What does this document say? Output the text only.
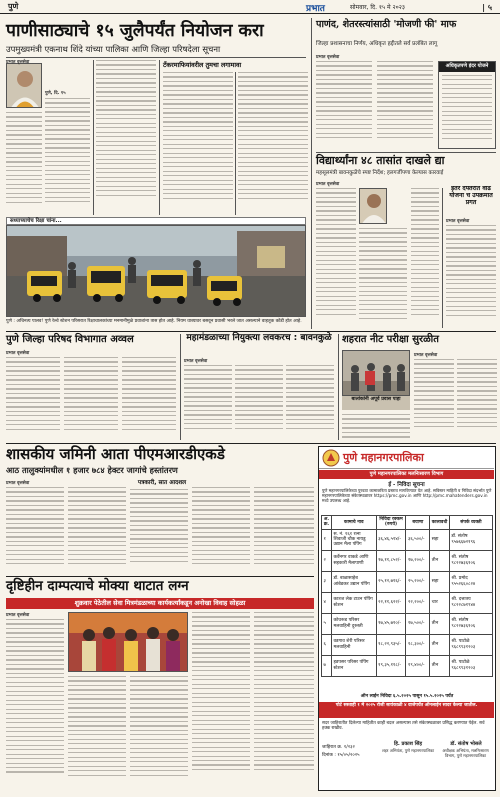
पुणे	प्रभात	सोमवार, दि. १५ मे २०२३	| ५
पाणीसाठ्याचे १५ जुलैपर्यंत नियोजन करा
उपमुख्यमंत्री एकनाथ शिंदे यांच्या पालिका आणि जिल्हा परिषदेला सूचना
प्रभात वृत्तसेवा
पुणे, दि. १५
टँकरमाफियांवरील तुमचा लगामावा
सध्याच्याचेच रिक्षा चांना...
पुणे : अचिनत्य पालव! पुणे रेल्वे स्टेशन परिसरात रिक्षाचालकांच्या मनमानीमुळे प्रवाशांना त्रास होत आहे. नियम धाब्यावर बसवून प्रवासी भरले जात असल्याने वाहतूक कोंडी होत आहे.
पाणंद, शेतरस्त्यांसाठी 'मोजणी फी' माफ
जिल्हा प्रशासनाचा निर्णय, अधिकृत हद्दीतले सर्व प्रलंबित लागू
प्रभात वृत्तसेवा
अधिकृतपणे इंदर योजने
विद्यार्थ्यांना ४८ तासांत दाखले द्या
महसूलमंत्री बावनकुळेंचे स्पष्ट निर्देश; हलगर्जीपणा केल्यास कारवाई
प्रभात वृत्तसेवा
इतर दफ्तरात वाढ योजना च उपक्रमात प्रगत
प्रभात वृत्तसेवा
पुणे जिल्हा परिषद विभागात अव्वल
प्रभात वृत्तसेवा
महामंडळाच्या नियुक्त्या लवकरच : बावनकुळे
प्रभात वृत्तसेवा
शहरात नीट परीक्षा सुरळीत
बालांकांनी अपूर्व प्रवास पाहा
प्रभात वृत्तसेवा
शासकीय जमिनी आता पीएमआरडीएकडे
आठ तालुक्यांमधील १ हजार ७८४ हेक्टर जागांचे हस्तांतरण
प्रभात वृत्तसेवा	पत्रकारी, सात आदशल
दृष्टिहीन दाम्पत्याचे मोक्या थाटात लग्न
शुक्रवार पेठेतील सेवा मित्रमंडळाच्या कार्यकर्त्यांकडून अनोखा विवाह सोहळा
प्रभात वृत्तसेवा
पुणे महानगरपालिका
पुणे महानगरपालिका मलनिःसारण विभाग
ई - निविदा सूचना
पुणे महानगरपालिकेच्या पुरवठा कामाकरिता प्रस्ताव मागविण्यात येत आहे. सविस्तर माहिती व निविदा संदर्भात पुणे महानगरपालिकेच्या संकेतस्थळावर https://pmc.gov.in आणि http://pmc.mahatenders.gov.in मध्ये उपलब्ध आहे.
अ. क्र.	कामाचे नाव	निविदा रक्कम (रुपये)	बयाणा	कालावधी	संपर्क व्यक्ती
१	स. नं. १६१ रत्ना शिवाजी चौक नायडू उद्यान मैला पंपिंग	३६,४६,५१४/-	३६,५००/-	सहा	डॉ. संतोष ९५७६६७२१९६
२	कर्वेनगर वाकडे आणि सहकारी मैलापाणी	१७,११,८५२/-	१७,२००/-	तीन	श्री. संतोष ९८२२७३६१०६
३	डॉ. बाळासाहेब आंबेडकर उद्यान पंपिंग	२५,१२,७१६/-	२५,२००/-	सहा	श्री. प्रमोद ९५५२६६०८२४
४	कात्रज लेक टाउन पंपिंग स्टेशन	२२,११,६२२/-	२२,२००/-	चार	श्री. दत्तात्रय ९८२२८७१९४४
५	कोथरूड परिसर मलवाहिनी दुरुस्ती	१७,४५,७१०/-	१७,५००/-	तीन	श्री. संतोष ९८२२७३६१०६
६	वडगाव शेरी परिसर मलवाहिनी	१८,२२,९३५/-	१८,३००/-	तीन	श्री. पाटोळे ९६८९९३१२०३
७	हडपसर परिसर पंपिंग स्टेशन	१९,३५,११८/-	१९,४००/-	तीन	श्री. पाटोळे ९६८९९३१२०३
ऑन लाईन निविदा ६.५.२०२५ पासून १५.५.२०२५ पर्यंत
पोर्ट सस्ताही १ मे २०२५ रोजी सायंकाळी ४ वाजेपर्यंत ऑनलाईन सादर केल्या जातील.
सदर जाहिरातीत दिलेल्या माहितीत काही बदल असल्यास तसे संकेतस्थळावर प्रसिद्ध करण्यात येईल. सर्व हक्क राखीव.
जाहिरात क्र. १/२३२
दिनांक : १५/०५/२०२५
डॉ. संतोष भोसले
अधीक्षक अभियंता, मलनिःसारण विभाग, पुणे महानगरपालिका
हि. प्रकाश सिंह
शहर अभियंता, पुणे महानगरपालिका
